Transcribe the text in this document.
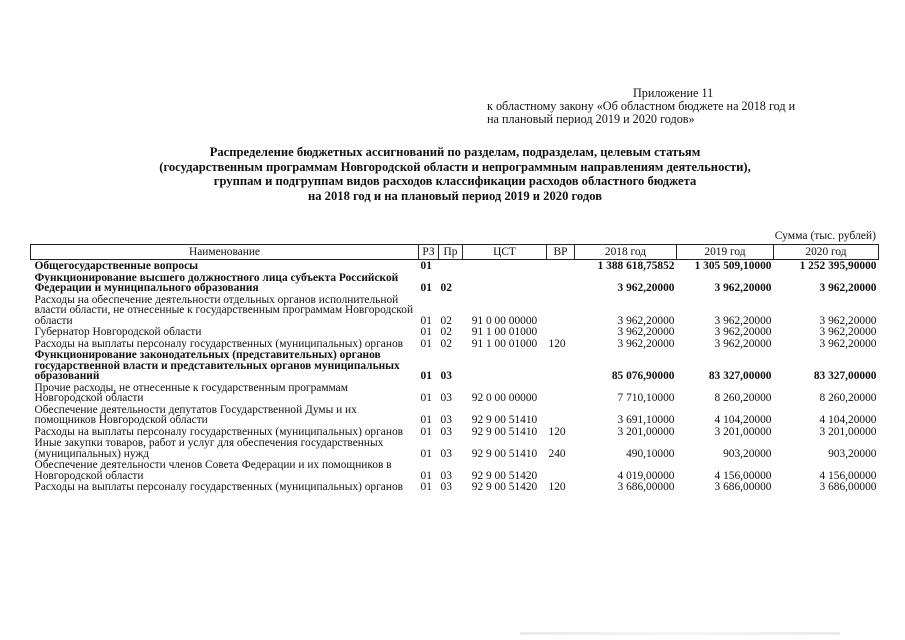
Приложение 11
к областному закону «Об областном бюджете на 2018 год и
на плановый период 2019 и 2020 годов»
Распределение бюджетных ассигнований по разделам, подразделам, целевым статьям
(государственным программам Новгородской области и непрограммным направлениям деятельности),
группам и подгруппам видов расходов классификации расходов областного бюджета
на 2018 год и на плановый период 2019 и 2020 годов
Сумма (тыс. рублей)
Наименование	РЗ	Пр	ЦСТ	ВР	2018 год	2019 год	2020 год
Общегосударственные вопросы	01				1 388 618,75852	1 305 509,10000	1 252 395,90000
Функционирование высшего должностного лица субъекта Российской Федерации и муниципального образования	01	02			3 962,20000	3 962,20000	3 962,20000
Расходы на обеспечение деятельности отдельных органов исполнительной власти области, не отнесенные к государственным программам Новгородской области	01	02	91 0 00 00000		3 962,20000	3 962,20000	3 962,20000
Губернатор Новгородской области	01	02	91 1 00 01000		3 962,20000	3 962,20000	3 962,20000
Расходы на выплаты персоналу государственных (муниципальных) органов	01	02	91 1 00 01000	120	3 962,20000	3 962,20000	3 962,20000
Функционирование законодательных (представительных) органов государственной власти и представительных органов муниципальных образований	01	03			85 076,90000	83 327,00000	83 327,00000
Прочие расходы, не отнесенные к государственным программам Новгородской области	01	03	92 0 00 00000		7 710,10000	8 260,20000	8 260,20000
Обеспечение деятельности депутатов Государственной Думы и их помощников Новгородской области	01	03	92 9 00 51410		3 691,10000	4 104,20000	4 104,20000
Расходы на выплаты персоналу государственных (муниципальных) органов	01	03	92 9 00 51410	120	3 201,00000	3 201,00000	3 201,00000
Иные закупки товаров, работ и услуг для обеспечения государственных (муниципальных) нужд	01	03	92 9 00 51410	240	490,10000	903,20000	903,20000
Обеспечение деятельности членов Совета Федерации и их помощников в Новгородской области	01	03	92 9 00 51420		4 019,00000	4 156,00000	4 156,00000
Расходы на выплаты персоналу государственных (муниципальных) органов	01	03	92 9 00 51420	120	3 686,00000	3 686,00000	3 686,00000
